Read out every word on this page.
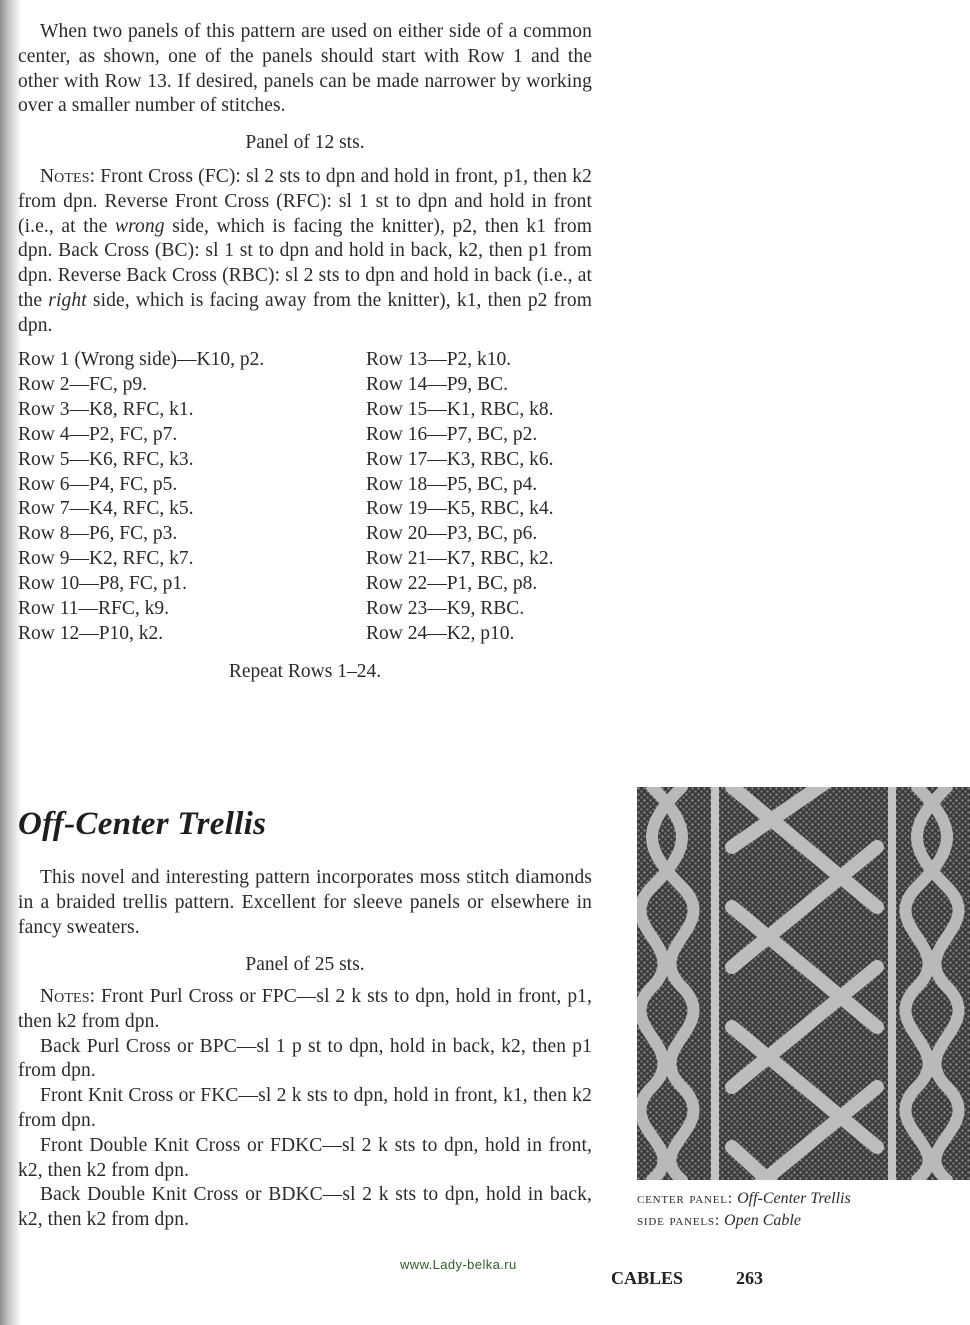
When two panels of this pattern are used on either side of a common center, as shown, one of the panels should start with Row 1 and the other with Row 13. If desired, panels can be made narrower by working over a smaller number of stitches.

Panel of 12 sts.

Notes: Front Cross (FC): sl 2 sts to dpn and hold in front, p1, then k2 from dpn. Reverse Front Cross (RFC): sl 1 st to dpn and hold in front (i.e., at the wrong side, which is facing the knitter), p2, then k1 from dpn. Back Cross (BC): sl 1 st to dpn and hold in back, k2, then p1 from dpn. Reverse Back Cross (RBC): sl 2 sts to dpn and hold in back (i.e., at the right side, which is facing away from the knitter), k1, then p2 from dpn.

Row 1 (Wrong side)—K10, p2.
Row 2—FC, p9.
Row 3—K8, RFC, k1.
Row 4—P2, FC, p7.
Row 5—K6, RFC, k3.
Row 6—P4, FC, p5.
Row 7—K4, RFC, k5.
Row 8—P6, FC, p3.
Row 9—K2, RFC, k7.
Row 10—P8, FC, p1.
Row 11—RFC, k9.
Row 12—P10, k2.
Row 13—P2, k10.
Row 14—P9, BC.
Row 15—K1, RBC, k8.
Row 16—P7, BC, p2.
Row 17—K3, RBC, k6.
Row 18—P5, BC, p4.
Row 19—K5, RBC, k4.
Row 20—P3, BC, p6.
Row 21—K7, RBC, k2.
Row 22—P1, BC, p8.
Row 23—K9, RBC.
Row 24—K2, p10.
Repeat Rows 1–24.
Off-Center Trellis

This novel and interesting pattern incorporates moss stitch diamonds in a braided trellis pattern. Excellent for sleeve panels or elsewhere in fancy sweaters.

Panel of 25 sts.

Notes: Front Purl Cross or FPC—sl 2 k sts to dpn, hold in front, p1, then k2 from dpn.

Back Purl Cross or BPC—sl 1 p st to dpn, hold in back, k2, then p1 from dpn.

Front Knit Cross or FKC—sl 2 k sts to dpn, hold in front, k1, then k2 from dpn.

Front Double Knit Cross or FDKC—sl 2 k sts to dpn, hold in front, k2, then k2 from dpn.

Back Double Knit Cross or BDKC—sl 2 k sts to dpn, hold in back, k2, then k2 from dpn.

center panel: Off-Center Trellis
side panels: Open Cable
www.Lady-belka.ru
CABLES	263
